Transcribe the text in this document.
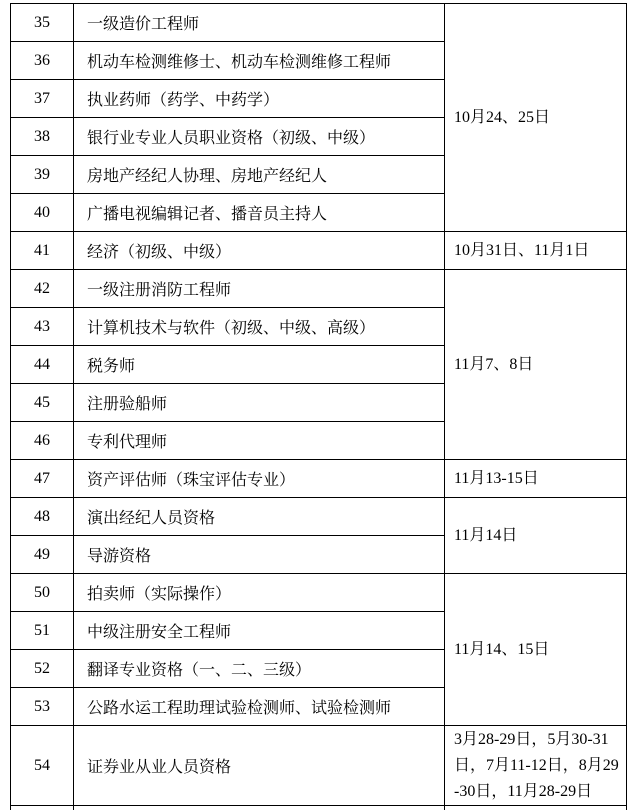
35	一级造价工程师	10月24、25日
36	机动车检测维修士、机动车检测维修工程师	
37	执业药师（药学、中药学）	
38	银行业专业人员职业资格（初级、中级）	
39	房地产经纪人协理、房地产经纪人	
40	广播电视编辑记者、播音员主持人	
41	经济（初级、中级）	10月31日、11月1日
42	一级注册消防工程师	11月7、8日
43	计算机技术与软件（初级、中级、高级）	
44	税务师	
45	注册验船师	
46	专利代理师	
47	资产评估师（珠宝评估专业）	11月13-15日
48	演出经纪人员资格	11月14日
49	导游资格	
50	拍卖师（实际操作）	11月14、15日
51	中级注册安全工程师	
52	翻译专业资格（一、二、三级）	
53	公路水运工程助理试验检测师、试验检测师	
54	证券业从业人员资格	3月28-29日，5月30-31日，7月11-12日，8月29-30日，11月28-29日
